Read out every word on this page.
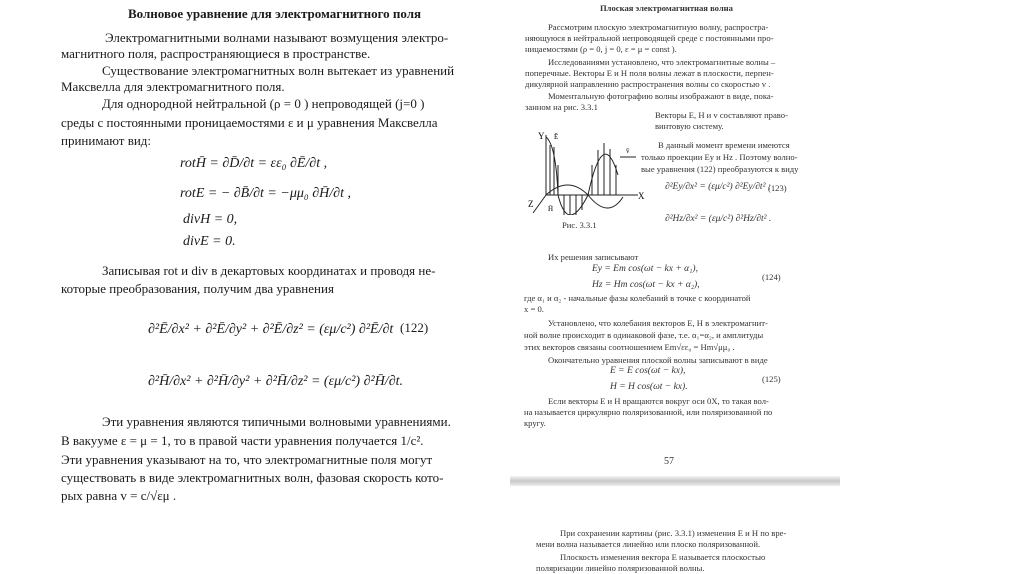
Волновое уравнение для электромагнитного поля
Электромагнитными волнами называют возмущения электро-
магнитного поля, распространяющиеся в пространстве.
Существование электромагнитных волн вытекает из уравнений
Максвелла для электромагнитного поля.
Для однородной нейтральной (ρ = 0 ) непроводящей (j=0 )
среды с постоянными проницаемостями ε и μ уравнения Максвелла
принимают вид:
rotH̄ = ∂D̄/∂t = εε₀ ∂Ē/∂t ,
rotE = − ∂B̄/∂t = −μμ₀ ∂H̄/∂t ,
divH = 0,
divE = 0.
Записывая rot и div в декартовых координатах и проводя не-
которые преобразования, получим два уравнения
∂²Ē/∂x² + ∂²Ē/∂y² + ∂²Ē/∂z² = (εμ/c²) ∂²Ē/∂t (122)
∂²H̄/∂x² + ∂²H̄/∂y² + ∂²H̄/∂z² = (εμ/c²) ∂²H̄/∂t.
Эти уравнения являются типичными волновыми уравнениями.
В вакууме ε = μ = 1, то в правой части уравнения получается 1/c².
Эти уравнения указывают на то, что электромагнитные поля могут
существовать в виде электромагнитных волн, фазовая скорость кото-
рых равна v = c/√εμ .
Плоская электромагнитная волна
Рассмотрим плоскую электромагнитную волну, распростра-
няющуюся в нейтральной непроводящей среде с постоянными про-
ницаемостями (ρ = 0, j = 0, ε = μ = const ).
Исследованиями установлено, что электромагнитные волны –
поперечные. Векторы E и H поля волны лежат в плоскости, перпен-
дикулярной направлению распространения волны со скоростью v .
Моментальную фотографию волны изображают в виде, пока-
занном на рис. 3.3.1
Векторы E, H и v составляют право-
винтовую систему.
В данный момент времени имеются
только проекции Ey и Hz . Поэтому волно-
вые уравнения (122) преобразуются к виду
∂²Ey/∂x² = (εμ/c²) ∂²Ey/∂t² ;
(123)
∂²Hz/∂x² = (εμ/c²) ∂²Hz/∂t² .
Y Ē
v̄
X
Z H̄
Рис. 3.3.1
Их решения записывают
Ey = Em cos(ωt − kx + α₁),
Hz = Hm cos(ωt − kx + α₂),
(124)
где α₁ и α₂ - начальные фазы колебаний в точке с координатой
x = 0.
Установлено, что колебания векторов E, H в электромагнит-
ной волне происходит в одинаковой фазе, т.е. α₁=α₂, и амплитуды
этих векторов связаны соотношением Em√εε₀ = Hm√μμ₀ .
Окончательно уравнения плоской волны записывают в виде
E = E cos(ωt − kx),
H = H cos(ωt − kx).
(125)
Если векторы E и H вращаются вокруг оси 0X, то такая вол-
на называется циркулярно поляризованной, или поляризованной по
кругу.
57
При сохранении картины (рис. 3.3.1) изменения E и H по вре-
мени волна называется линейно или плоско поляризованной.
Плоскость изменения вектора E называется плоскостью
поляризации линейно поляризованной волны.
